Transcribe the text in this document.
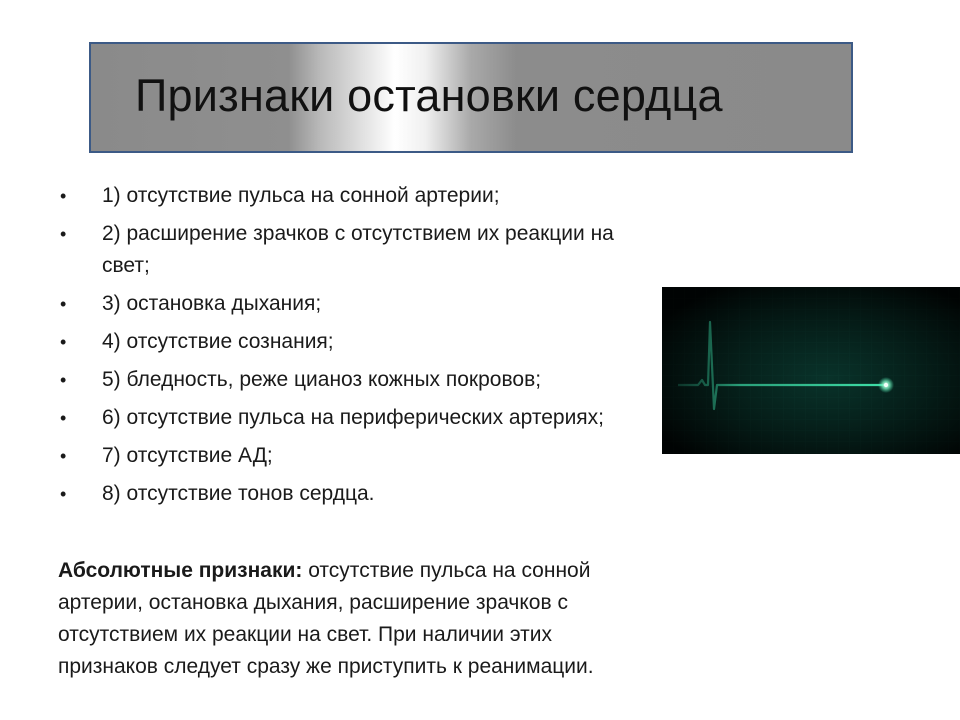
Признаки остановки сердца
• 1) отсутствие пульса на сонной артерии;
• 2) расширение зрачков с отсутствием их реакции на свет;
• 3) остановка дыхания;
• 4) отсутствие сознания;
• 5) бледность, реже цианоз кожных покровов;
• 6) отсутствие пульса на периферических артериях;
• 7) отсутствие АД;
• 8) отсутствие тонов сердца.
Абсолютные признаки: отсутствие пульса на сонной артерии, остановка дыхания, расширение зрачков с отсутствием их реакции на свет. При наличии этих признаков следует сразу же приступить к реанимации.
